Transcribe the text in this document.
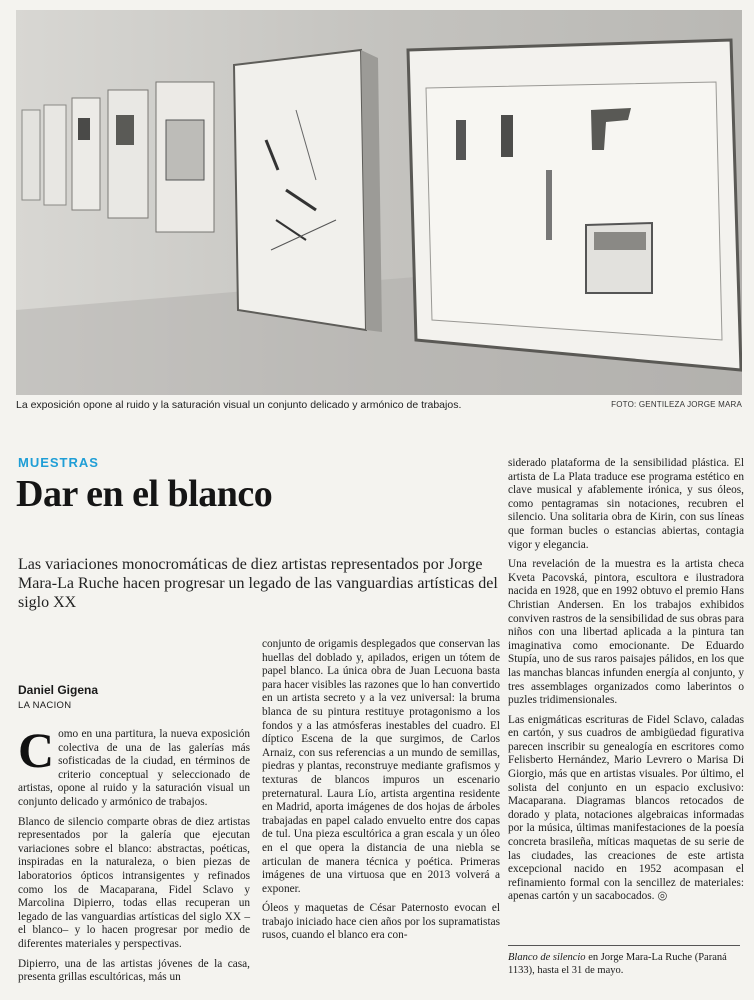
La exposición opone al ruido y la saturación visual un conjunto delicado y armónico de trabajos.	FOTO: GENTILEZA JORGE MARA
MUESTRAS
Dar en el blanco
Las variaciones monocromáticas de diez artistas representados por Jorge Mara-La Ruche hacen progresar un legado de las vanguardias artísticas del siglo XX
Daniel Gigena
LA NACION

Como en una partitura, la nueva exposición colectiva de una de las galerías más sofisticadas de la ciudad, en términos de criterio conceptual y seleccionado de artistas, opone al ruido y la saturación visual un conjunto delicado y armónico de trabajos.

Blanco de silencio comparte obras de diez artistas representados por la galería que ejecutan variaciones sobre el blanco: abstractas, poéticas, inspiradas en la naturaleza, o bien piezas de laboratorios ópticos intransigentes y refinados como los de Macaparana, Fidel Sclavo y Marcolina Dipierro, todas ellas recuperan un legado de las vanguardias artísticas del siglo XX –el blanco– y lo hacen progresar por medio de diferentes materiales y perspectivas.

Dipierro, una de las artistas jóvenes de la casa, presenta grillas escultóricas, más un

conjunto de origamis desplegados que conservan las huellas del doblado y, apilados, erigen un tótem de papel blanco. La única obra de Juan Lecuona basta para hacer visibles las razones que lo han convertido en un artista secreto y a la vez universal: la bruma blanca de su pintura restituye protagonismo a los fondos y a las atmósferas inestables del cuadro. El díptico Escena de la que surgimos, de Carlos Arnaiz, con sus referencias a un mundo de semillas, piedras y plantas, reconstruye mediante grafismos y texturas de blancos impuros un escenario preternatural. Laura Lío, artista argentina residente en Madrid, aporta imágenes de dos hojas de árboles trabajadas en papel calado envuelto entre dos capas de tul. Una pieza escultórica a gran escala y un óleo en el que opera la distancia de una niebla se articulan de manera técnica y poética. Primeras imágenes de una virtuosa que en 2013 volverá a exponer.

Óleos y maquetas de César Paternosto evocan el trabajo iniciado hace cien años por los supramatistas rusos, cuando el blanco era con-

siderado plataforma de la sensibilidad plástica. El artista de La Plata traduce ese programa estético en clave musical y afablemente irónica, y sus óleos, como pentagramas sin notaciones, recubren el silencio. Una solitaria obra de Kirin, con sus líneas que forman bucles o estancias abiertas, contagia vigor y elegancia.

Una revelación de la muestra es la artista checa Kveta Pacovská, pintora, escultora e ilustradora nacida en 1928, que en 1992 obtuvo el premio Hans Christian Andersen. En los trabajos exhibidos conviven rastros de la sensibilidad de sus obras para niños con una libertad aplicada a la pintura tan imaginativa como emocionante. De Eduardo Stupía, uno de sus raros paisajes pálidos, en los que las manchas blancas infunden energía al conjunto, y tres assemblages organizados como laberintos o puzles tridimensionales.

Las enigmáticas escrituras de Fidel Sclavo, caladas en cartón, y sus cuadros de ambigüedad figurativa parecen inscribir su genealogía en escritores como Felisberto Hernández, Mario Levrero o Marisa Di Giorgio, más que en artistas visuales. Por último, el solista del conjunto en un espacio exclusivo: Macaparana. Diagramas blancos retocados de dorado y plata, notaciones algebraicas informadas por la música, últimas manifestaciones de la poesía concreta brasileña, míticas maquetas de su serie de las ciudades, las creaciones de este artista excepcional nacido en 1952 acompasan el refinamiento formal con la sencillez de materiales: apenas cartón y un sacabocados. ◎

Blanco de silencio en Jorge Mara-La Ruche (Paraná 1133), hasta el 31 de mayo.
